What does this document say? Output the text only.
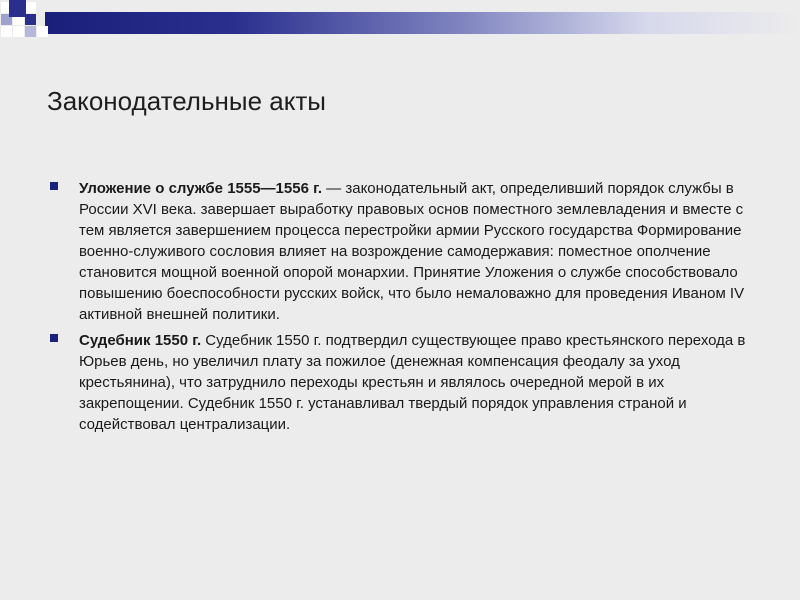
Законодательные акты
Уложение о службе 1555—1556 г. — законодательный акт, определивший порядок службы в России XVI века. завершает выработку правовых основ поместного землевладения и вместе с тем является завершением процесса перестройки армии Русского государства Формирование военно-служивого сословия влияет на возрождение самодержавия: поместное ополчение становится мощной военной опорой монархии. Принятие Уложения о службе способствовало повышению боеспособности русских войск, что было немаловажно для проведения Иваном IV активной внешней политики.
Судебник 1550 г. Судебник 1550 г. подтвердил существующее право крестьянского перехода в Юрьев день, но увеличил плату за пожилое (денежная компенсация феодалу за уход крестьянина), что затруднило переходы крестьян и являлось очередной мерой в их закрепощении. Судебник 1550 г. устанавливал твердый порядок управления страной и содействовал централизации.
